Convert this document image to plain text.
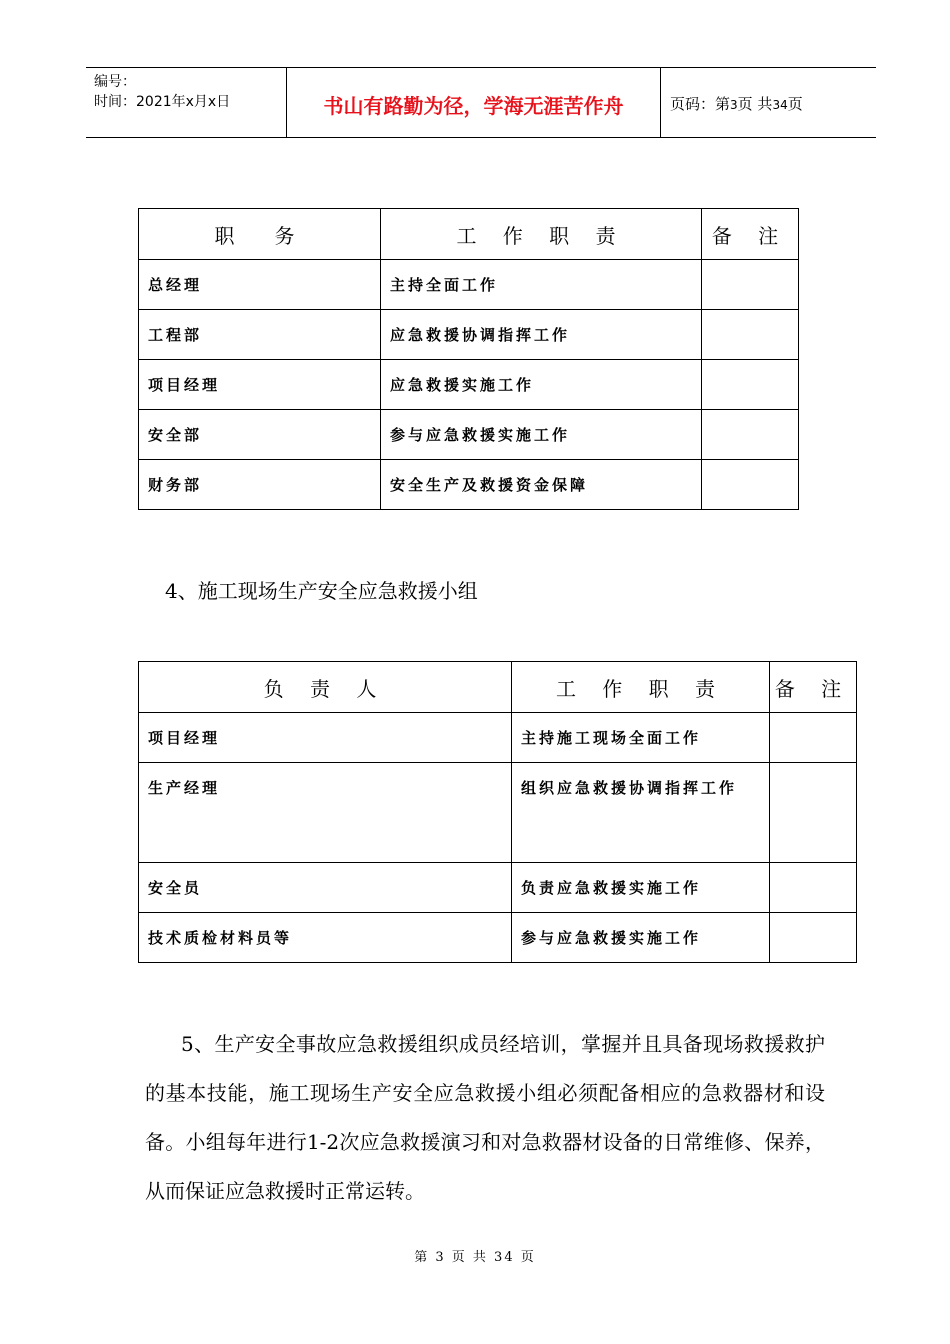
编号：
时间：2021年x月x日	书山有路勤为径，学海无涯苦作舟	页码：第3页 共34页
职　务	工 作 职 责	备 注
总经理	主持全面工作	
工程部	应急救援协调指挥工作	
项目经理	应急救援实施工作	
安全部	参与应急救援实施工作	
财务部	安全生产及救援资金保障	
4、施工现场生产安全应急救援小组
负 责 人	工 作 职 责	备 注
项目经理	主持施工现场全面工作	
生产经理	组织应急救援协调指挥工作	
安全员	负责应急救援实施工作	
技术质检材料员等	参与应急救援实施工作	
5、生产安全事故应急救援组织成员经培训，掌握并且具备现场救援救护的基本技能，施工现场生产安全应急救援小组必须配备相应的急救器材和设备。小组每年进行1-2次应急救援演习和对急救器材设备的日常维修、保养，从而保证应急救援时正常运转。
第 3 页 共 34 页
